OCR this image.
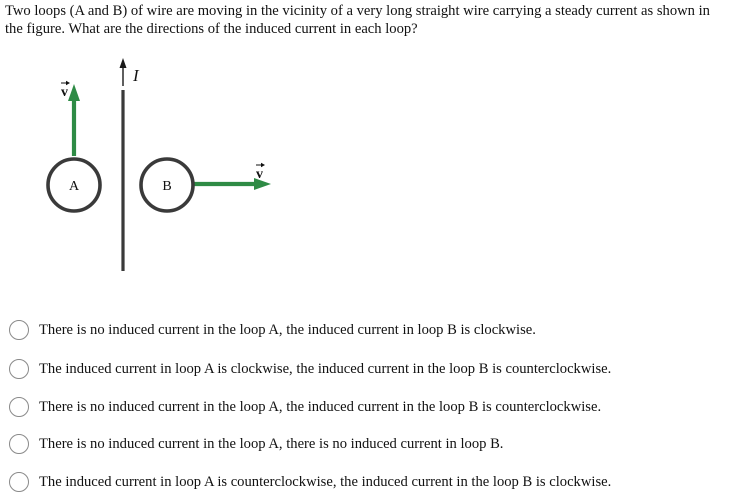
Two loops (A and B) of wire are moving in the vicinity of a very long straight wire carrying a steady current as shown in the figure. What are the directions of the induced current in each loop?

I
v
A
v
B
There is no induced current in the loop A, the induced current in loop B is clockwise.
The induced current in loop A is clockwise, the induced current in the loop B is counterclockwise.
There is no induced current in the loop A, the induced current in the loop B is counterclockwise.
There is no induced current in the loop A, there is no induced current in loop B.
The induced current in loop A is counterclockwise, the induced current in the loop B is clockwise.
